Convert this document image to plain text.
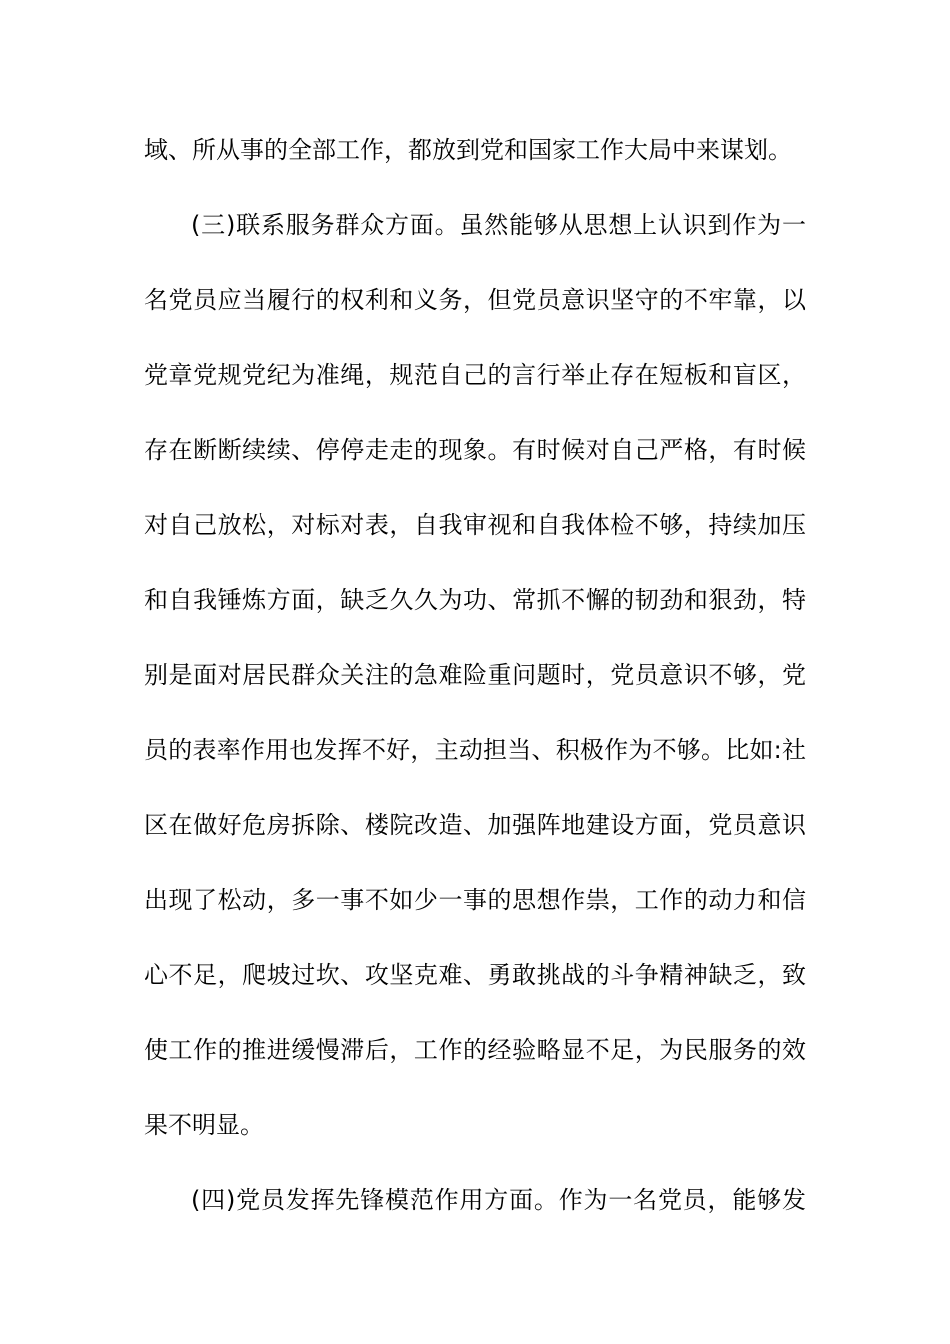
域、所从事的全部工作，都放到党和国家工作大局中来谋划。
(三)联系服务群众方面。虽然能够从思想上认识到作为一
名党员应当履行的权利和义务，但党员意识坚守的不牢靠，以
党章党规党纪为准绳，规范自己的言行举止存在短板和盲区，
存在断断续续、停停走走的现象。有时候对自己严格，有时候
对自己放松，对标对表，自我审视和自我体检不够，持续加压
和自我锤炼方面，缺乏久久为功、常抓不懈的韧劲和狠劲，特
别是面对居民群众关注的急难险重问题时，党员意识不够，党
员的表率作用也发挥不好，主动担当、积极作为不够。比如:社
区在做好危房拆除、楼院改造、加强阵地建设方面，党员意识
出现了松动，多一事不如少一事的思想作祟，工作的动力和信
心不足，爬坡过坎、攻坚克难、勇敢挑战的斗争精神缺乏，致
使工作的推进缓慢滞后，工作的经验略显不足，为民服务的效
果不明显。
(四)党员发挥先锋模范作用方面。作为一名党员，能够发
